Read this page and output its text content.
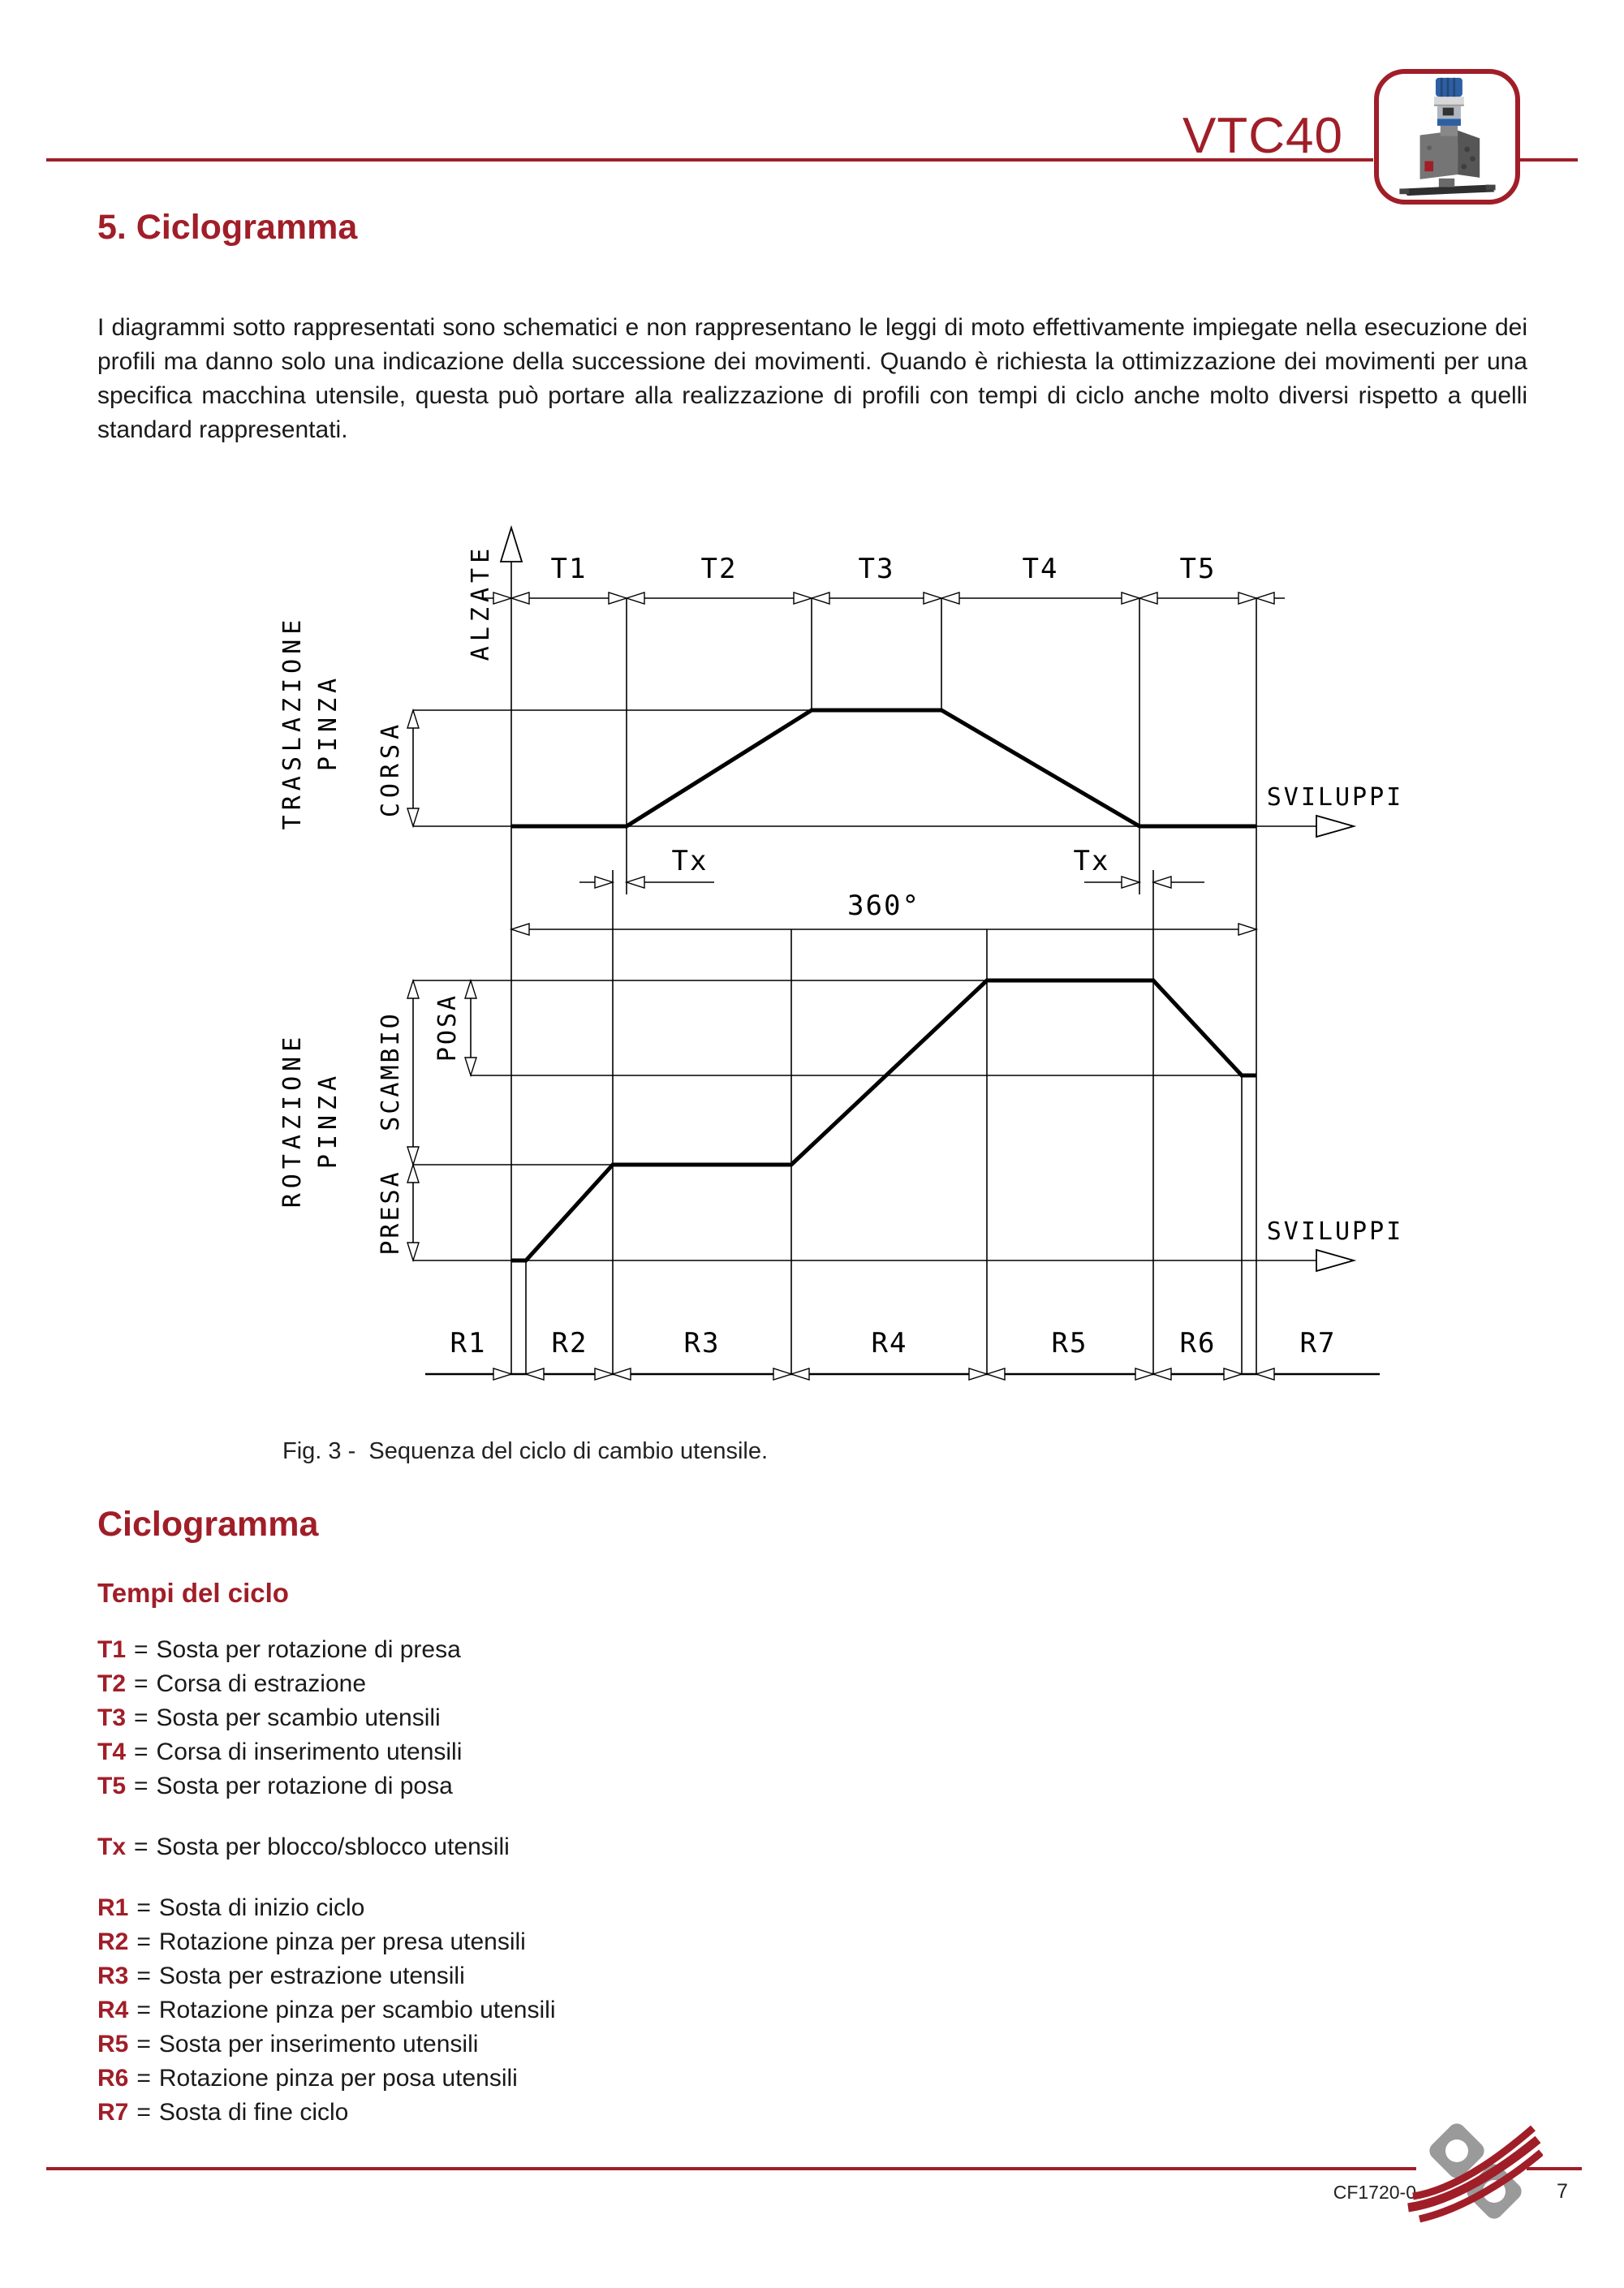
VTC40
5. Ciclogramma
I diagrammi sotto rappresentati sono schematici e non rappresentano le leggi di moto effettivamente impiegate nella esecuzione dei profili ma danno solo una indicazione della successione dei movimenti. Quando è richiesta la ottimizzazione dei movimenti per una specifica macchina utensile, questa può portare alla realizzazione di profili con tempi di ciclo anche molto diversi rispetto a quelli standard rappresentati.
T1	T2	T3	T4	T5
ALZATE
TRASLAZIONE PINZA CORSA	SVILUPPI
SVILUPPI
Tx	Tx
360°
ROTAZIONE PINZA SCAMBIO
PRESA
POSA
R1 R2	R3	R4	R5	R6	R7
Fig. 3 -  Sequenza del ciclo di cambio utensile.
Ciclogramma
Tempi del ciclo
T1 = Sosta per rotazione di presa
T2 = Corsa di estrazione
T3 = Sosta per scambio utensili
T4 = Corsa di inserimento utensili
T5 = Sosta per rotazione di posa
Tx = Sosta per blocco/sblocco utensili
R1 = Sosta di inizio ciclo
R2 = Rotazione pinza per presa utensili
R3 = Sosta per estrazione utensili
R4 = Rotazione pinza per scambio utensili
R5 = Sosta per inserimento utensili
R6 = Rotazione pinza per posa utensili
R7 = Sosta di fine ciclo
CF1720-0	7
